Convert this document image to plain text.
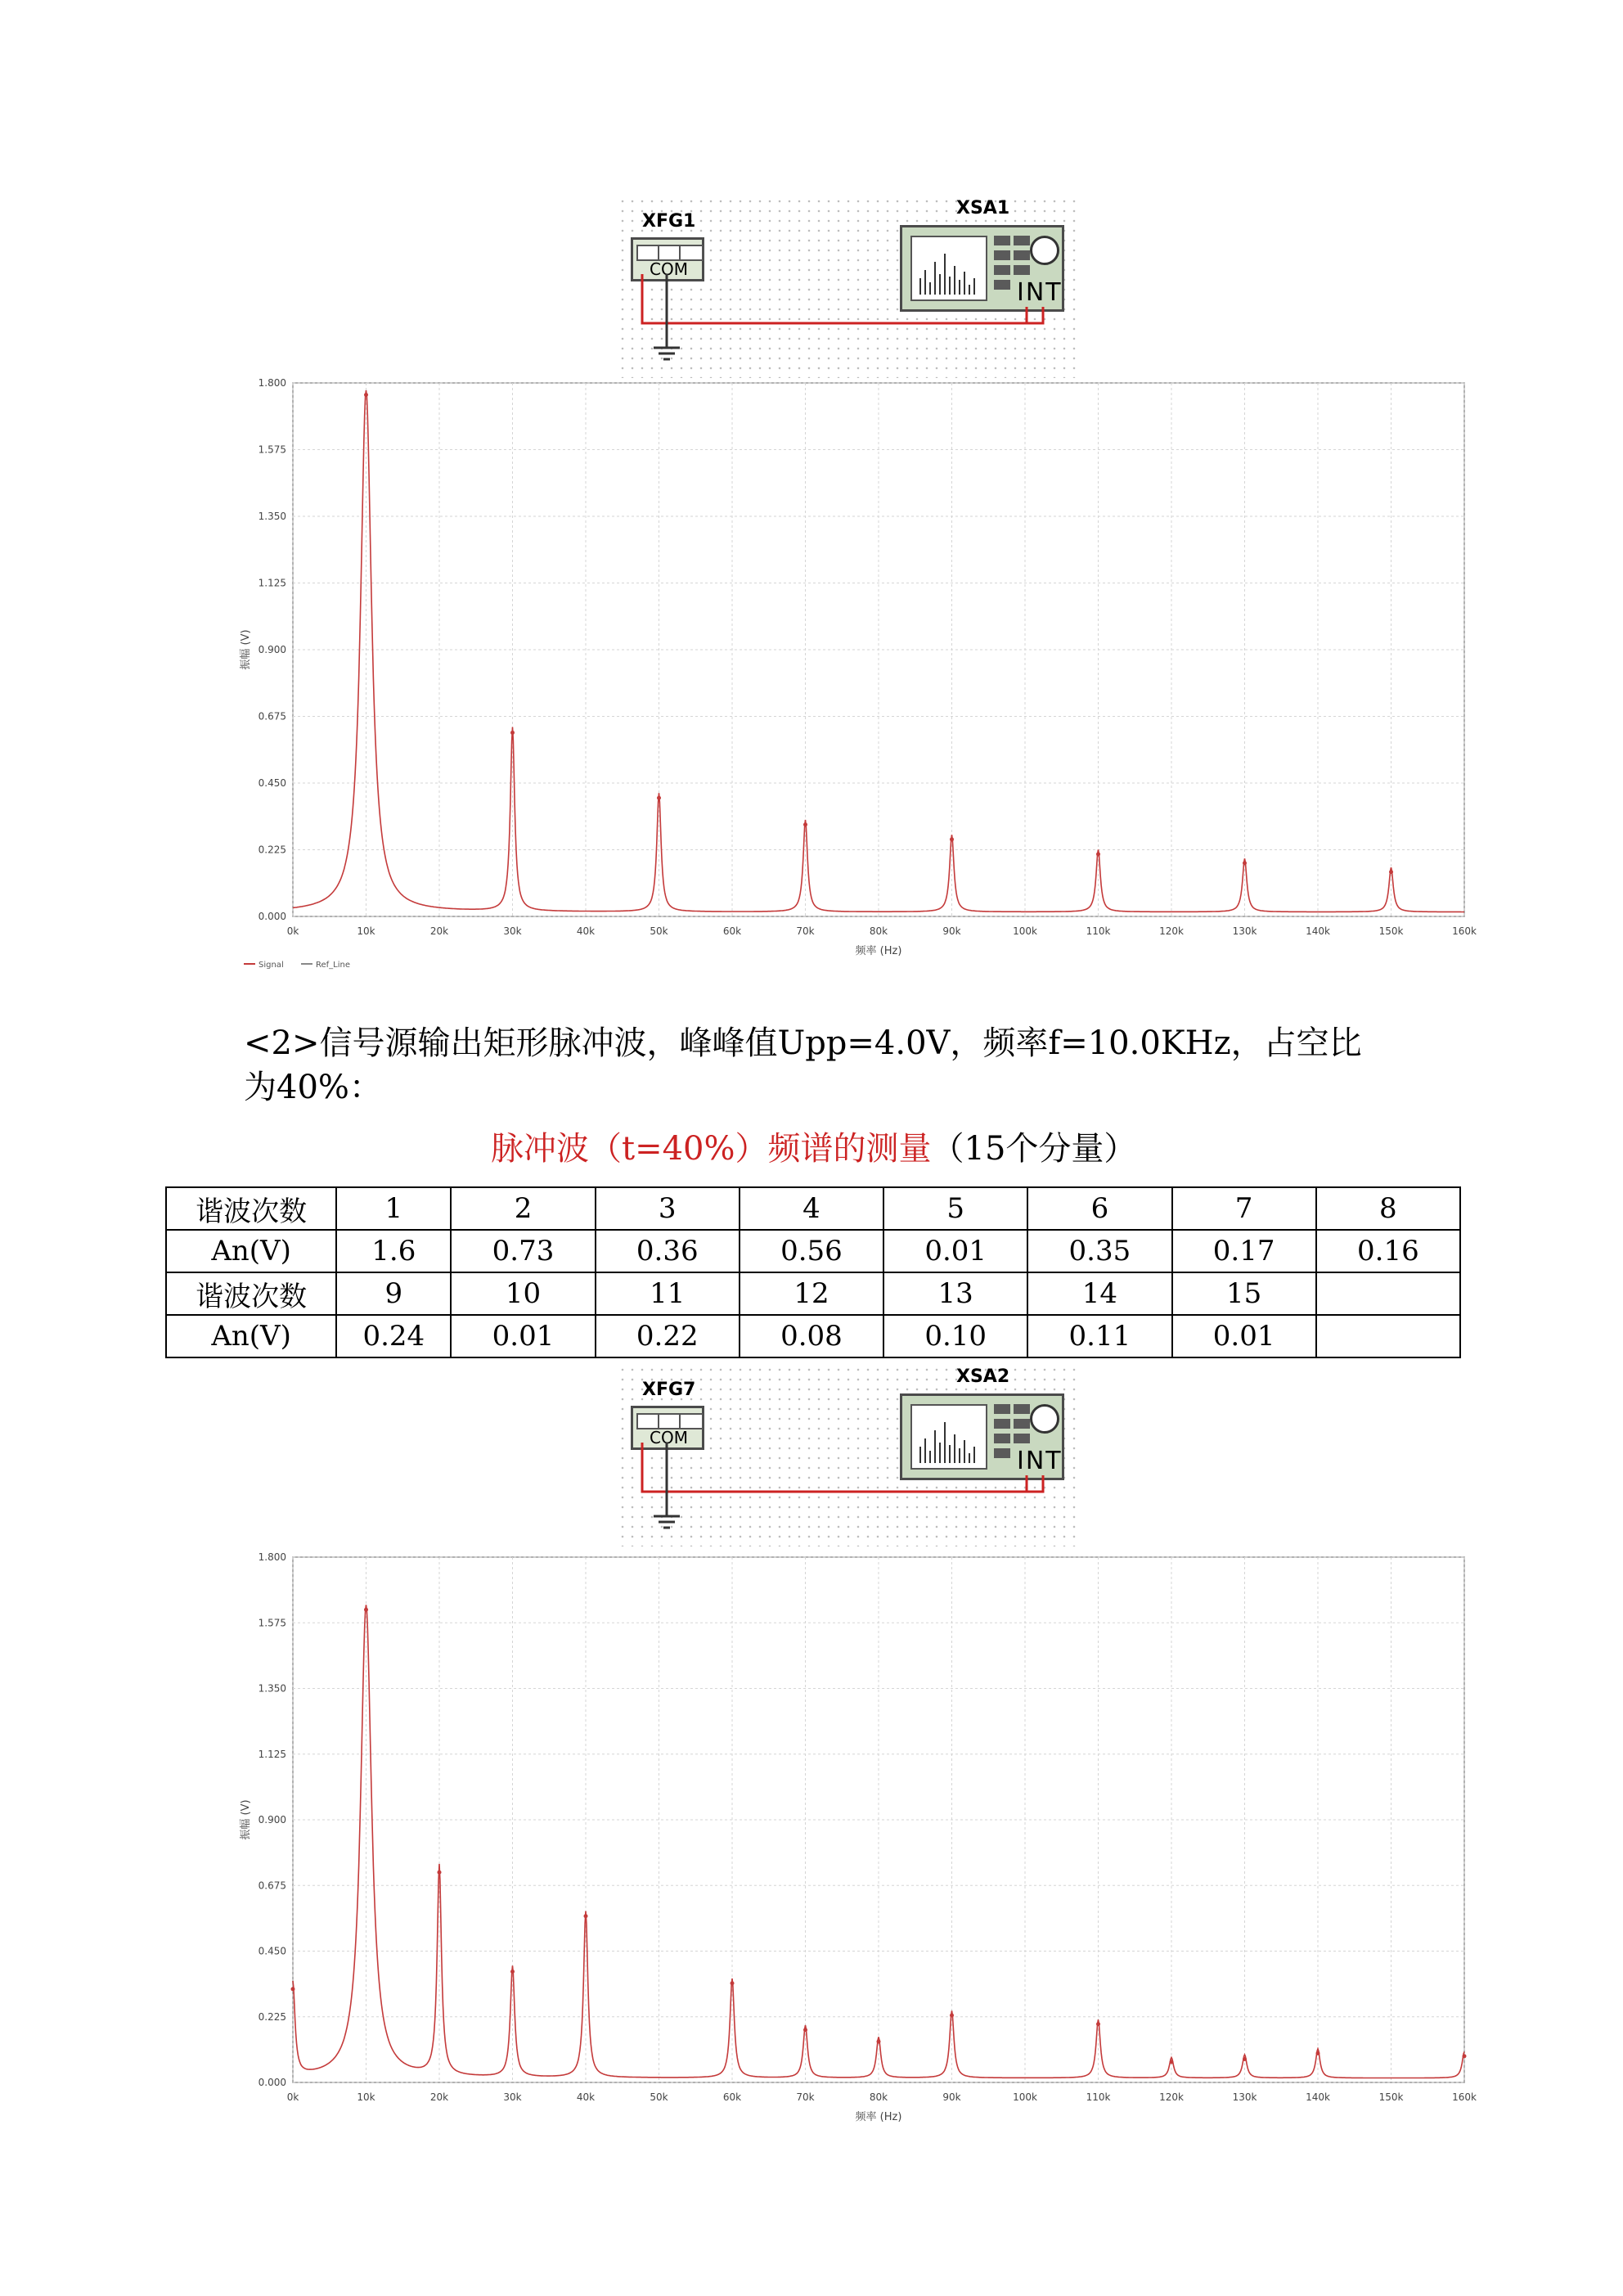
XFG1
COM
XSA1
INT
0k	10k	20k	30k	40k	50k	60k	70k	80k	90k	100k	110k	120k	130k	140k	150k	160k
0.000
0.225
0.450
0.675
0.900
1.125
1.350
1.575
1.800
频率 (Hz)
振幅 (V)
Signal	Ref_Line
<2>信号源输出矩形脉冲波，峰峰值Upp=4.0V，频率f=10.0KHz，占空比
为40%：
脉冲波（t=40%）频谱的测量（15个分量）
谐波次数	1	2	3	4	5	6	7	8
An(V)	1.6	0.73	0.36	0.56	0.01	0.35	0.17	0.16
谐波次数	9	10	11	12	13	14	15	
An(V)	0.24	0.01	0.22	0.08	0.10	0.11	0.01	
XFG7
COM
XSA2
INT
0k	10k	20k	30k	40k	50k	60k	70k	80k	90k	100k	110k	120k	130k	140k	150k	160k
0.000
0.225
0.450
0.675
0.900
1.125
1.350
1.575
1.800
频率 (Hz)
振幅 (V)
